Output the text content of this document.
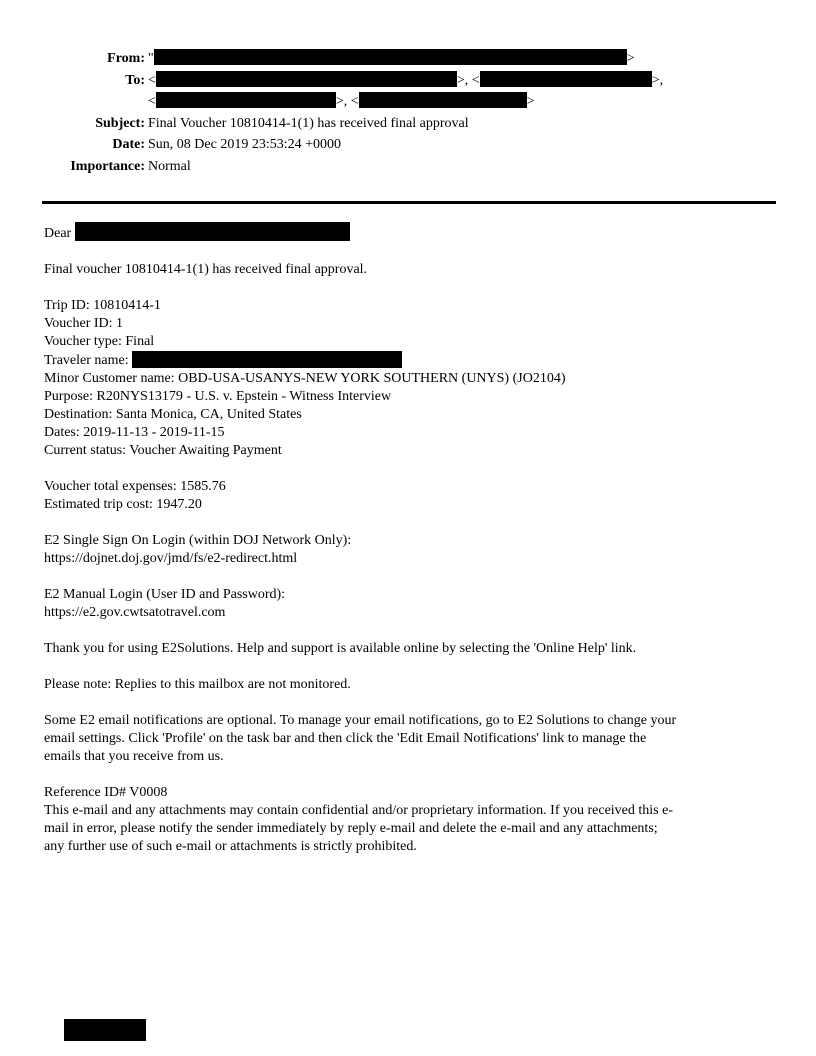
From: "	>
To: <	>, <	>,
<	>, <	>
Subject: Final Voucher 10810414-1(1) has received final approval
Date: Sun, 08 Dec 2019 23:53:24 +0000
Importance: Normal
Dear
Final voucher 10810414-1(1) has received final approval.
Trip ID: 10810414-1
Voucher ID: 1
Voucher type: Final
Traveler name:
Minor Customer name: OBD-USA-USANYS-NEW YORK SOUTHERN (UNYS) (JO2104)
Purpose: R20NYS13179 - U.S. v. Epstein - Witness Interview
Destination: Santa Monica, CA, United States
Dates: 2019-11-13 - 2019-11-15
Current status: Voucher Awaiting Payment
Voucher total expenses: 1585.76
Estimated trip cost: 1947.20
E2 Single Sign On Login (within DOJ Network Only):
https://dojnet.doj.gov/jmd/fs/e2-redirect.html
E2 Manual Login (User ID and Password):
https://e2.gov.cwtsatotravel.com
Thank you for using E2Solutions. Help and support is available online by selecting the 'Online Help' link.
Please note: Replies to this mailbox are not monitored.
Some E2 email notifications are optional. To manage your email notifications, go to E2 Solutions to change your
email settings. Click 'Profile' on the task bar and then click the 'Edit Email Notifications' link to manage the
emails that you receive from us.
Reference ID# V0008
This e-mail and any attachments may contain confidential and/or proprietary information. If you received this e-
mail in error, please notify the sender immediately by reply e-mail and delete the e-mail and any attachments;
any further use of such e-mail or attachments is strictly prohibited.
